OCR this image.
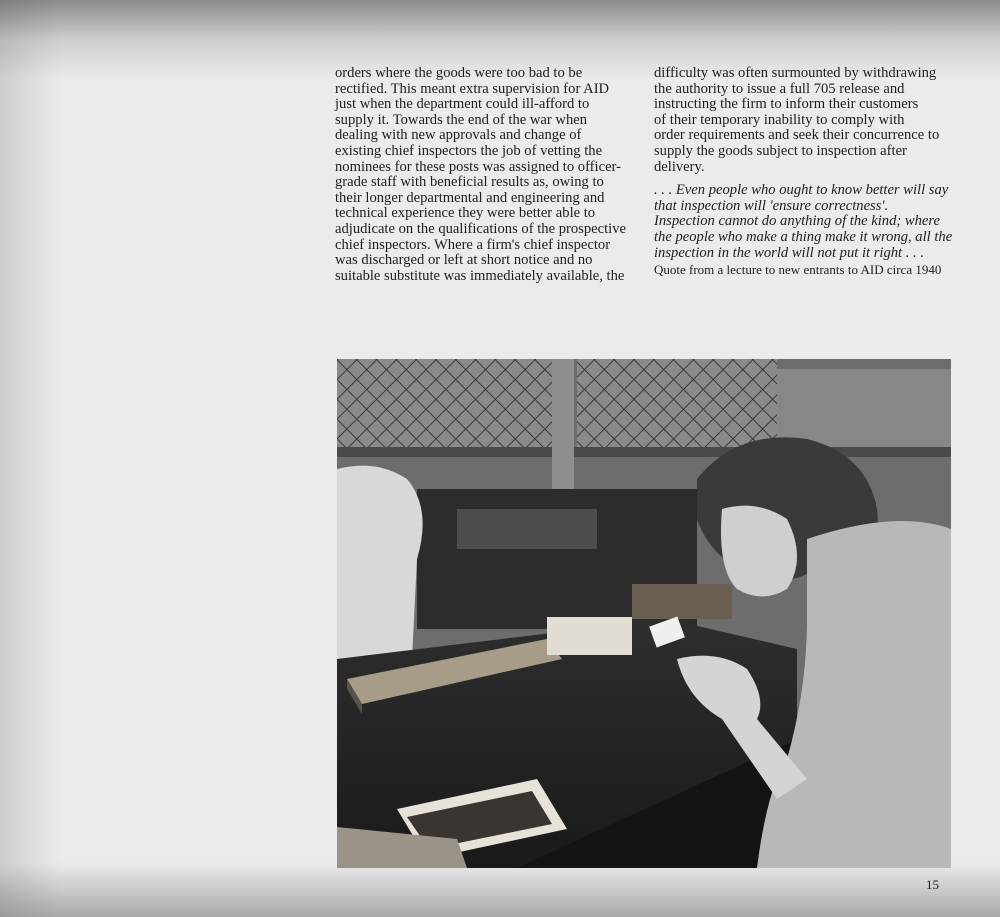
orders where the goods were too bad to be
rectified. This meant extra supervision for AID
just when the department could ill-afford to
supply it. Towards the end of the war when
dealing with new approvals and change of
existing chief inspectors the job of vetting the
nominees for these posts was assigned to officer-
grade staff with beneficial results as, owing to
their longer departmental and engineering and
technical experience they were better able to
adjudicate on the qualifications of the prospective
chief inspectors. Where a firm's chief inspector
was discharged or left at short notice and no
suitable substitute was immediately available, the

difficulty was often surmounted by withdrawing
the authority to issue a full 705 release and
instructing the firm to inform their customers
of their temporary inability to comply with
order requirements and seek their concurrence to
supply the goods subject to inspection after
delivery.

. . . Even people who ought to know better will say
that inspection will 'ensure correctness'.
Inspection cannot do anything of the kind; where
the people who make a thing make it wrong, all the
inspection in the world will not put it right . . .

Quote from a lecture to new entrants to AID circa 1940
15
